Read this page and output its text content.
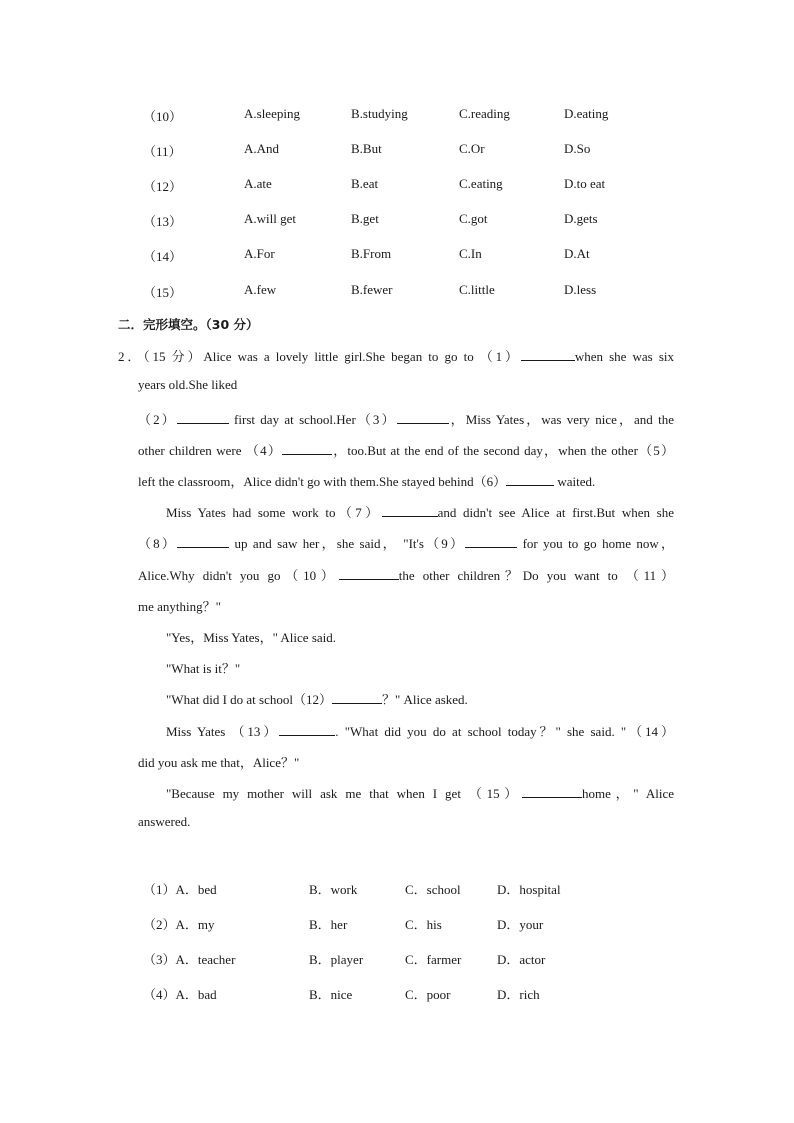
（10）	A.sleeping	B.studying	C.reading	D.eating
（11）	A.And	B.But	C.Or	D.So
（12）	A.ate	B.eat	C.eating	D.to eat
（13）	A.will get	B.get	C.got	D.gets
（14）	A.For	B.From	C.In	D.At
（15）	A.few	B.fewer	C.little	D.less
二．完形填空。（30 分）
2．（15 分）Alice was a lovely little girl.She began to go to （1）	when she was six
years old.She liked
（2）	first day at school.Her（3）	，Miss Yates，was very nice，and the
other children were （4）	，too.But at the end of the second day，when the other（5）
left the classroom，Alice didn't go with them.She stayed behind（6）	waited.
Miss Yates had some work to（7）	and didn't see Alice at first.But when she
（8）	up and saw her，she said， "It's（9）	for you to go home now，
Alice.Why didn't you go（10）	the other children？Do you want to （11）
me anything？"
"Yes，Miss Yates，" Alice said.
"What is it？"
"What did I do at school（12）	？" Alice asked.
Miss Yates （13）	. "What did you do at school today？" she said. "（14）
did you ask me that，Alice？"
"Because my mother will ask me that when I get （15）	home，" Alice
answered.
（1）A．bed	B．work	C．school	D．hospital
（2）A．my	B．her	C．his	D．your
（3）A．teacher	B．player	C．farmer	D．actor
（4）A．bad	B．nice	C．poor	D．rich
